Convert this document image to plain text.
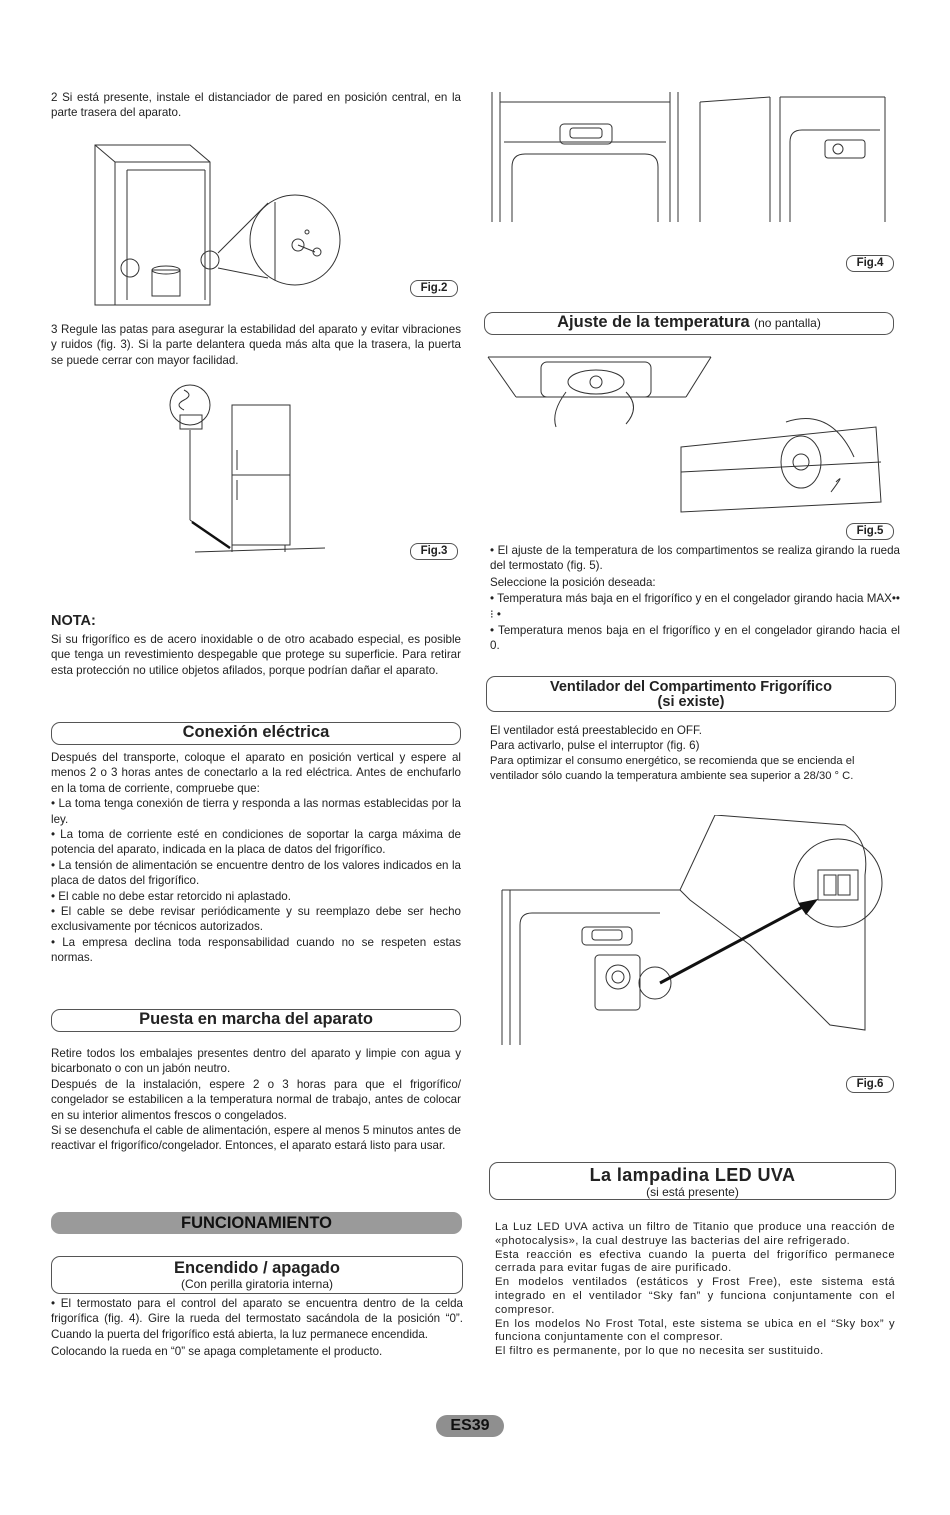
2 Si está presente, instale el distanciador de pared en posición central, en la parte trasera del aparato.
Fig.2
3 Regule las patas para asegurar la estabilidad del aparato y evitar vibraciones y ruidos (fig. 3). Si la parte delantera queda más alta que la trasera, la puerta se puede cerrar con mayor facilidad.
Fig.3
NOTA:
Si su frigorífico es de acero inoxidable o de otro acabado especial, es posible que tenga un revestimiento despegable que protege su superficie. Para retirar esta protección no utilice objetos afilados, porque podrían dañar el aparato.
Conexión eléctrica

Después del transporte, coloque el aparato en posición vertical y espere al menos 2 o 3 horas antes de conectarlo a la red eléctrica. Antes de enchufarlo en la toma de corriente, compruebe que:

• La toma tenga conexión de tierra y responda a las normas establecidas por la ley.

• La toma de corriente esté en condiciones de soportar la carga máxima de potencia del aparato, indicada en la placa de datos del frigorífico.

• La tensión de alimentación se encuentre dentro de los valores indicados en la placa de datos del frigorífico.

• El cable no debe estar retorcido ni aplastado.

• El cable se debe revisar periódicamente y su reemplazo debe ser hecho exclusivamente por técnicos autorizados.

• La empresa declina toda responsabilidad cuando no se respeten estas normas.

Puesta en marcha del aparato

Retire todos los embalajes presentes dentro del aparato y limpie con agua y bicarbonato o con un jabón neutro.

Después de la instalación, espere 2 o 3 horas para que el frigorífico/ congelador se estabilicen a la temperatura normal de trabajo, antes de colocar en su interior alimentos frescos o congelados.

Si se desenchufa el cable de alimentación, espere al menos 5 minutos antes de reactivar el frigorífico/congelador. Entonces, el aparato estará listo para usar.

FUNCIONAMIENTO
Encendido / apagado
(Con perilla giratoria interna)

• El termostato para el control del aparato se encuentra dentro de la celda frigorífica (fig. 4). Gire la rueda del termostato sacándola de la posición “0”. Cuando la puerta del frigorífico está abierta, la luz permanece encendida.

Colocando la rueda en “0” se apaga completamente el producto.

Fig.4
Ajuste de la temperatura (no pantalla)
Fig.5

• El ajuste de la temperatura de los compartimentos se realiza girando la rueda del termostato (fig. 5).

Seleccione la posición deseada:

• Temperatura más baja en el frigorífico y en el congelador girando hacia MAX•• ⁝ •

• Temperatura menos baja en el frigorífico y en el congelador girando hacia el 0.

Ventilador del Compartimento Frigorífico
(si existe)

El ventilador está preestablecido en OFF.

Para activarlo, pulse el interruptor (fig. 6)

Para optimizar el consumo energético, se recomienda que se encienda el ventilador sólo cuando la temperatura ambiente sea superior a 28/30 ° C.

Fig.6
La lampadina LED UVA
(si está presente)

La Luz LED UVA activa un filtro de Titanio que produce una reacción de «photocalysis», la cual destruye las bacterias del aire refrigerado.

Esta reacción es efectiva cuando la puerta del frigorífico permanece cerrada para evitar fugas de aire purificado.

En modelos ventilados (estáticos y Frost Free), este sistema está integrado en el ventilador “Sky fan” y funciona conjuntamente con el compresor.

En los modelos No Frost Total, este sistema se ubica en el “Sky box” y funciona conjuntamente con el compresor.

El filtro es permanente, por lo que no necesita ser sustituido.

ES39
